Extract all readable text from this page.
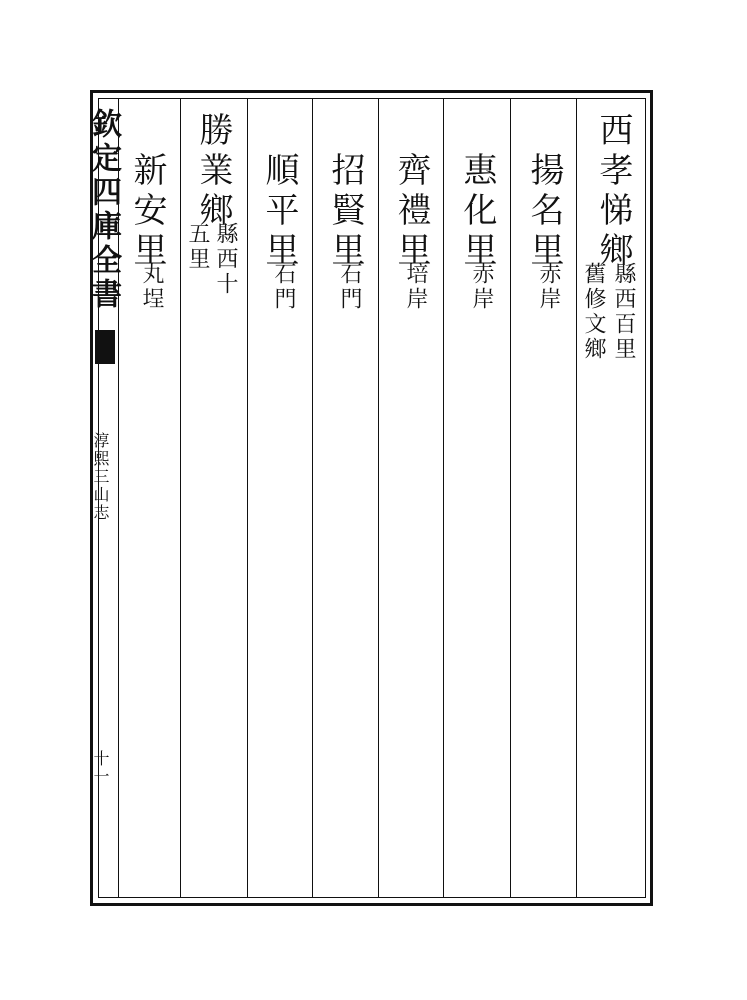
欽定四庫全書
淳熙三山志
十一
西孝悌鄉
縣西百里
舊修文鄉
揚名里
赤岸
惠化里
赤岸
齊禮里
培岸
招賢里
石門
順平里
石門
勝業鄉
縣西十
五里
新安里
丸埕
